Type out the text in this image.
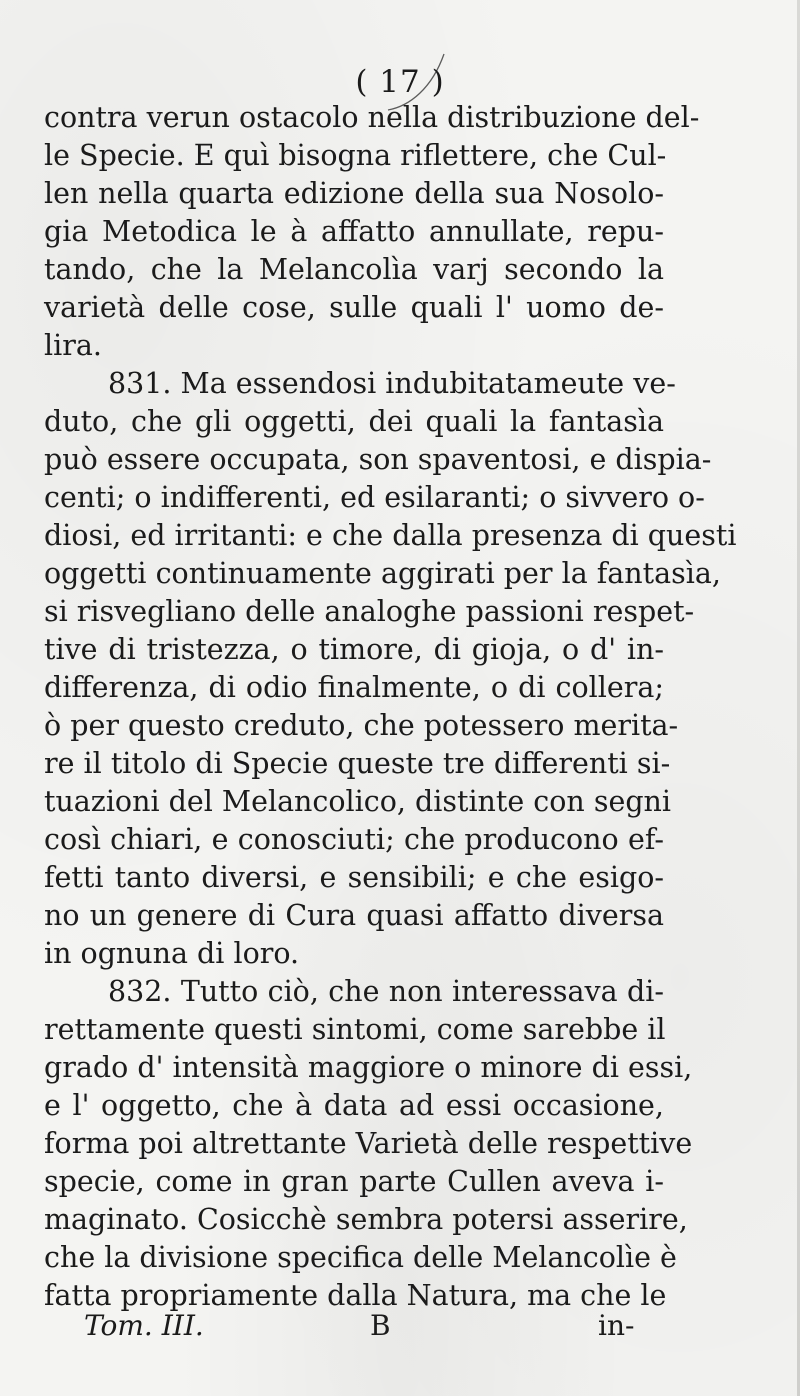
( 17 )
contra verun ostacolo nella distribuzione del-
le Specie. E quì bisogna riflettere, che Cul-
len nella quarta edizione della sua Nosolo-
gia Metodica le à affatto annullate, repu-
tando, che la Melancolìa varj secondo la
varietà delle cose, sulle quali l' uomo de-
lira.
831. Ma essendosi indubitatameute ve-
duto, che gli oggetti, dei quali la fantasìa
può essere occupata, son spaventosi, e dispia-
centi; o indifferenti, ed esilaranti; o sivvero o-
diosi, ed irritanti: e che dalla presenza di questi
oggetti continuamente aggirati per la fantasìa,
si risvegliano delle analoghe passioni respet-
tive di tristezza, o timore, di gioja, o d' in-
differenza, di odio finalmente, o di collera;
ò per questo creduto, che potessero merita-
re il titolo di Specie queste tre differenti si-
tuazioni del Melancolico, distinte con segni
così chiari, e conosciuti; che producono ef-
fetti tanto diversi, e sensibili; e che esigo-
no un genere di Cura quasi affatto diversa
in ognuna di loro.
832. Tutto ciò, che non interessava di-
rettamente questi sintomi, come sarebbe il
grado d' intensità maggiore o minore di essi,
e l' oggetto, che à data ad essi occasione,
forma poi altrettante Varietà delle respettive
specie, come in gran parte Cullen aveva i-
maginato. Cosicchè sembra potersi asserire,
che la divisione specifica delle Melancolìe è
fatta propriamente dalla Natura, ma che le
Tom. III.	B	in-
